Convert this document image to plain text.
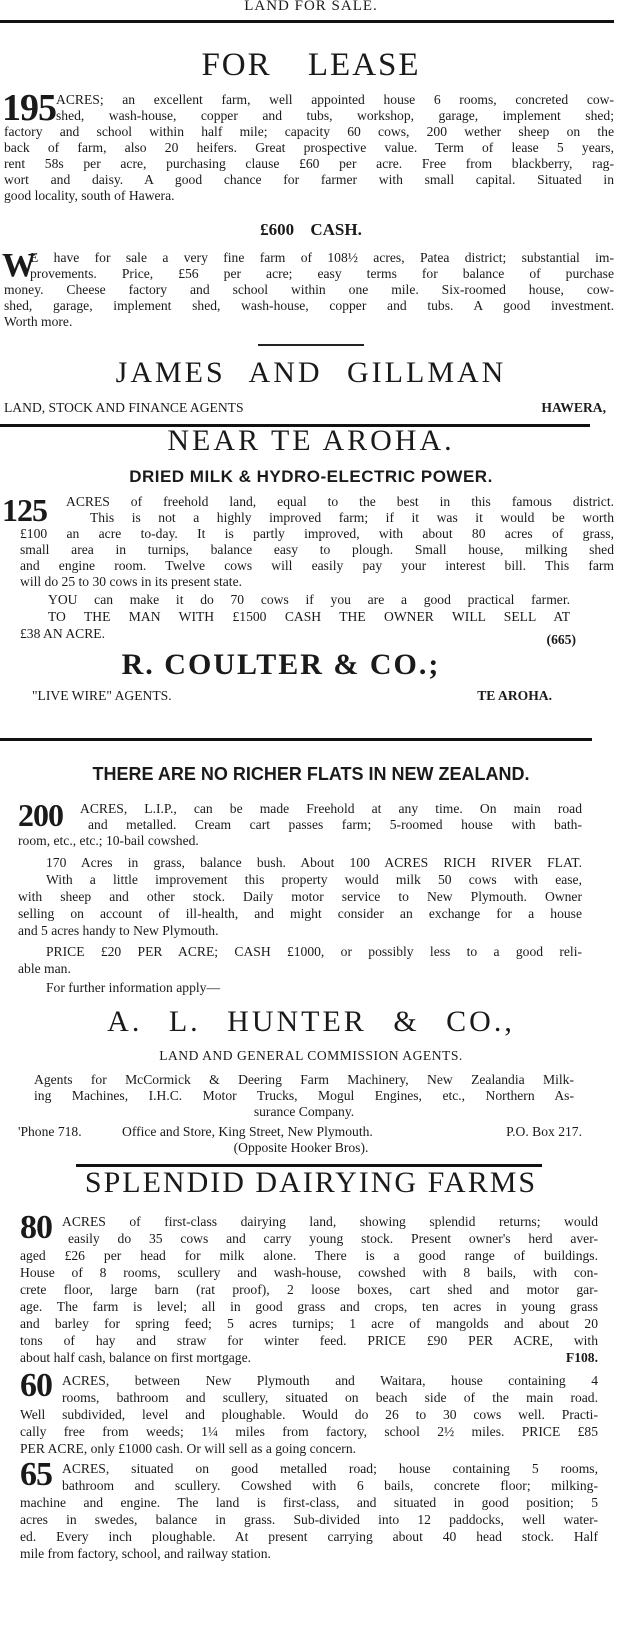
LAND FOR SALE.
FOR LEASE
195 ACRES; an excellent farm, well appointed house 6 rooms, concreted cow-
shed, wash-house, copper and tubs, workshop, garage, implement shed;
factory and school within half mile; capacity 60 cows, 200 wether sheep on the
back of farm, also 20 heifers. Great prospective value. Term of lease 5 years,
rent 58s per acre, purchasing clause £60 per acre. Free from blackberry, rag-
wort and daisy. A good chance for farmer with small capital. Situated in
good locality, south of Hawera.
£600 CASH.
W
E have for sale a very fine farm of 108½ acres, Patea district; substantial im-
provements. Price, £56 per acre; easy terms for balance of purchase
money. Cheese factory and school within one mile. Six-roomed house, cow-
shed, garage, implement shed, wash-house, copper and tubs. A good investment.
Worth more.
JAMES AND GILLMAN
LAND, STOCK AND FINANCE AGENTS	HAWERA,
NEAR TE AROHA.
DRIED MILK & HYDRO-ELECTRIC POWER.
125 ACRES of freehold land, equal to the best in this famous district.
This is not a highly improved farm; if it was it would be worth
£100 an acre to-day. It is partly improved, with about 80 acres of grass,
small area in turnips, balance easy to plough. Small house, milking shed
and engine room. Twelve cows will easily pay your interest bill. This farm
will do 25 to 30 cows in its present state.
YOU can make it do 70 cows if you are a good practical farmer.
TO THE MAN WITH £1500 CASH THE OWNER WILL SELL AT
£38 AN ACRE.	(665)
R. COULTER & CO.;
"LIVE WIRE" AGENTS.	TE AROHA.
THERE ARE NO RICHER FLATS IN NEW ZEALAND.
200 ACRES, L.I.P., can be made Freehold at any time. On main road
and metalled. Cream cart passes farm; 5-roomed house with bath-
room, etc., etc.; 10-bail cowshed.
170 Acres in grass, balance bush. About 100 ACRES RICH RIVER FLAT.
With a little improvement this property would milk 50 cows with ease,
with sheep and other stock. Daily motor service to New Plymouth. Owner
selling on account of ill-health, and might consider an exchange for a house
and 5 acres handy to New Plymouth.
PRICE £20 PER ACRE; CASH £1000, or possibly less to a good reli-
able man.
For further information apply—
A. L. HUNTER & CO.,
LAND AND GENERAL COMMISSION AGENTS.
Agents for McCormick & Deering Farm Machinery, New Zealandia Milk-
ing Machines, I.H.C. Motor Trucks, Mogul Engines, etc., Northern As-
surance Company.
'Phone 718.	Office and Store, King Street, New Plymouth.	P.O. Box 217.
(Opposite Hooker Bros).
SPLENDID DAIRYING FARMS
80 ACRES of first-class dairying land, showing splendid returns; would
easily do 35 cows and carry young stock. Present owner's herd aver-
aged £26 per head for milk alone. There is a good range of buildings.
House of 8 rooms, scullery and wash-house, cowshed with 8 bails, with con-
crete floor, large barn (rat proof), 2 loose boxes, cart shed and motor gar-
age. The farm is level; all in good grass and crops, ten acres in young grass
and barley for spring feed; 5 acres turnips; 1 acre of mangolds and about 20
tons of hay and straw for winter feed. PRICE £90 PER ACRE, with
about half cash, balance on first mortgage.	F108.
60 ACRES, between New Plymouth and Waitara, house containing 4
rooms, bathroom and scullery, situated on beach side of the main road.
Well subdivided, level and ploughable. Would do 26 to 30 cows well. Practi-
cally free from weeds; 1¼ miles from factory, school 2½ miles. PRICE £85
PER ACRE, only £1000 cash. Or will sell as a going concern.
65 ACRES, situated on good metalled road; house containing 5 rooms,
bathroom and scullery. Cowshed with 6 bails, concrete floor; milking-
machine and engine. The land is first-class, and situated in good position; 5
acres in swedes, balance in grass. Sub-divided into 12 paddocks, well water-
ed. Every inch ploughable. At present carrying about 40 head stock. Half
mile from factory, school, and railway station.
